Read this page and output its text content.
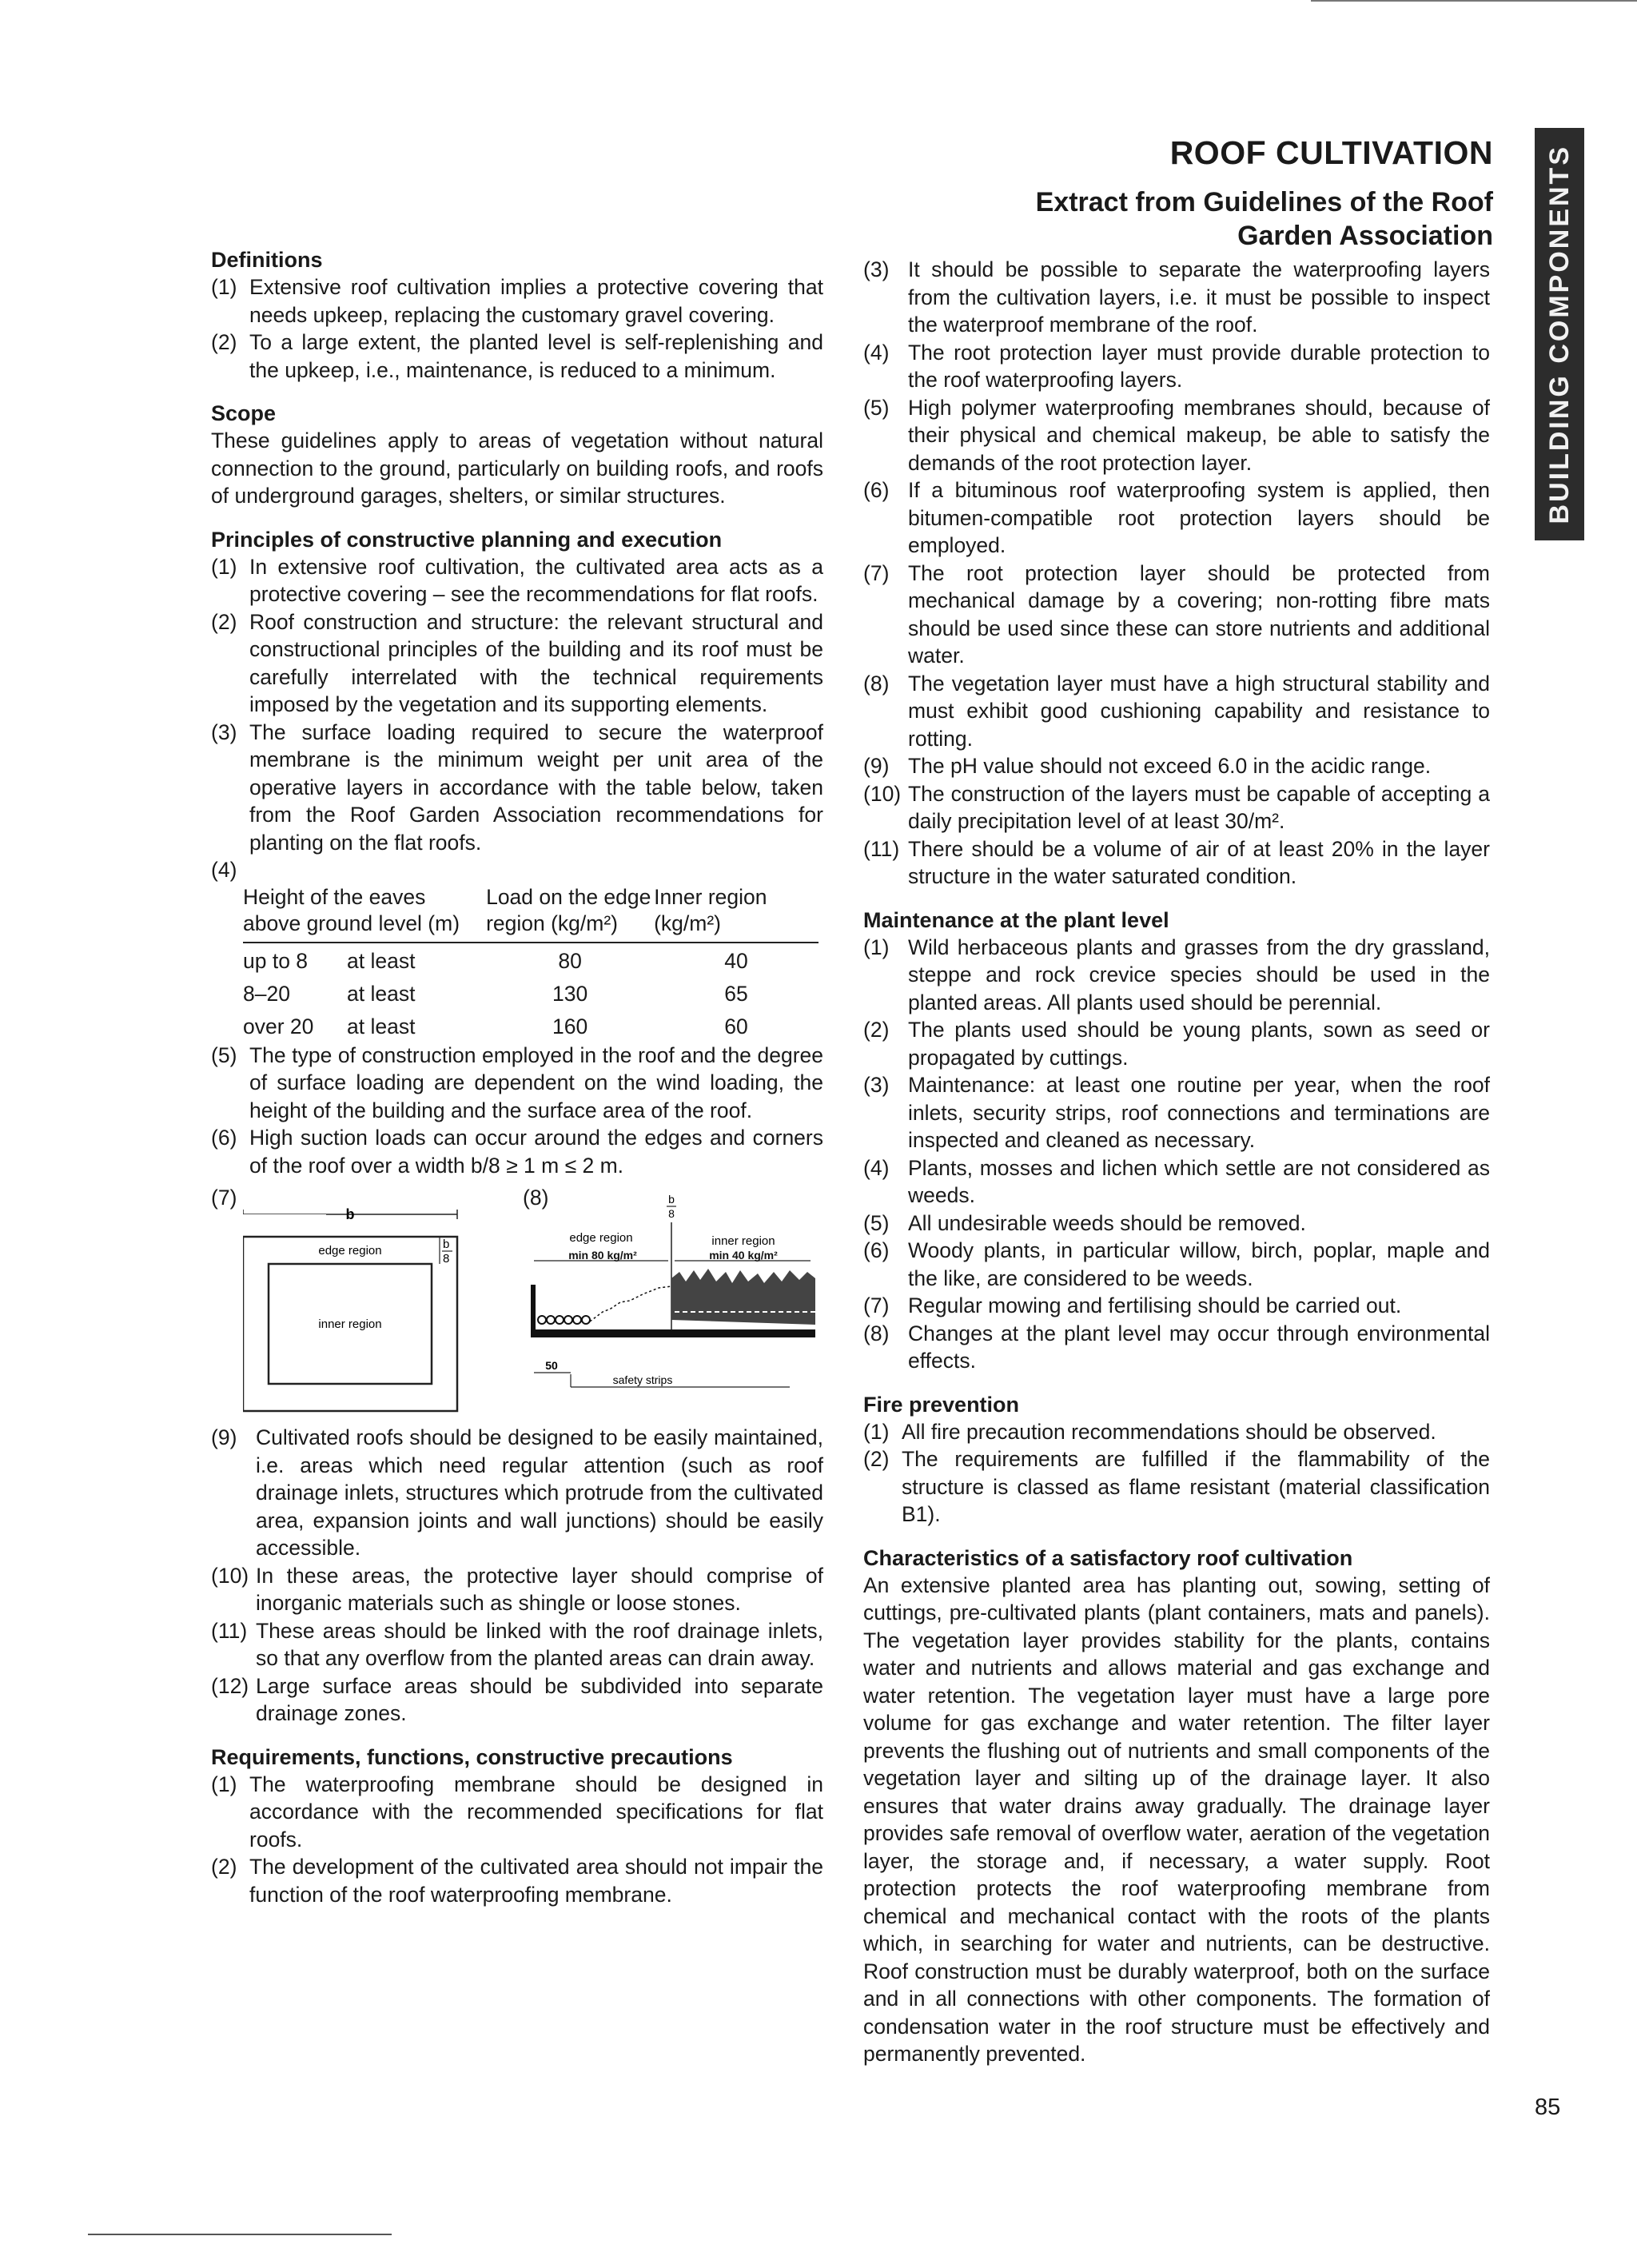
ROOF CULTIVATION
Extract from Guidelines of the Roof
Garden Association BUILDING COMPONENTS
Definitions
(1) Extensive roof cultivation implies a protective covering that needs upkeep, replacing the customary gravel covering.
(2) To a large extent, the planted level is self-replenishing and the upkeep, i.e., maintenance, is reduced to a minimum.
Scope

These guidelines apply to areas of vegetation without natural connection to the ground, particularly on building roofs, and roofs of underground garages, shelters, or similar structures.

Principles of constructive planning and execution
(1) In extensive roof cultivation, the cultivated area acts as a protective covering – see the recommendations for flat roofs.
(2) Roof construction and structure: the relevant structural and constructional principles of the building and its roof must be carefully interrelated with the technical requirements imposed by the vegetation and its supporting elements.
(3) The surface loading required to secure the waterproof membrane is the minimum weight per unit area of the operative layers in accordance with the table below, taken from the Roof Garden Association recommendations for planting on the flat roofs.
(4)
Height of the eaves above ground level (m)		Load on the edge region (kg/m²)	Inner region (kg/m²)
up to 8	at least	80	40
8–20	at least	130	65
over 20	at least	160	60
(5) The type of construction employed in the roof and the degree of surface loading are dependent on the wind loading, the height of the building and the surface area of the roof.
(6) High suction loads can occur around the edges and corners of the roof over a width b/8 ≥ 1 m ≤ 2 m.
(7)	(8)
b
edge region
inner region
b
8
b
8
edge region	inner region
min 80 kg/m²	min 40 kg/m²
50
safety strips
(9) Cultivated roofs should be designed to be easily maintained, i.e. areas which need regular attention (such as roof drainage inlets, structures which protrude from the cultivated area, expansion joints and wall junctions) should be easily accessible.
(10) In these areas, the protective layer should comprise of inorganic materials such as shingle or loose stones.
(11) These areas should be linked with the roof drainage inlets, so that any overflow from the planted areas can drain away.
(12) Large surface areas should be subdivided into separate drainage zones.
Requirements, functions, constructive precautions
(1) The waterproofing membrane should be designed in accordance with the recommended specifications for flat roofs.
(2) The development of the cultivated area should not impair the function of the roof waterproofing membrane.
(3) It should be possible to separate the waterproofing layers from the cultivation layers, i.e. it must be possible to inspect the waterproof membrane of the roof.
(4) The root protection layer must provide durable protection to the roof waterproofing layers.
(5) High polymer waterproofing membranes should, because of their physical and chemical makeup, be able to satisfy the demands of the root protection layer.
(6) If a bituminous roof waterproofing system is applied, then bitumen-compatible root protection layers should be employed.
(7) The root protection layer should be protected from mechanical damage by a covering; non-rotting fibre mats should be used since these can store nutrients and additional water.
(8) The vegetation layer must have a high structural stability and must exhibit good cushioning capability and resistance to rotting.
(9) The pH value should not exceed 6.0 in the acidic range.
(10) The construction of the layers must be capable of accepting a daily precipitation level of at least 30/m².
(11) There should be a volume of air of at least 20% in the layer structure in the water saturated condition.
Maintenance at the plant level
(1) Wild herbaceous plants and grasses from the dry grassland, steppe and rock crevice species should be used in the planted areas. All plants used should be perennial.
(2) The plants used should be young plants, sown as seed or propagated by cuttings.
(3) Maintenance: at least one routine per year, when the roof inlets, security strips, roof connections and terminations are inspected and cleaned as necessary.
(4) Plants, mosses and lichen which settle are not considered as weeds.
(5) All undesirable weeds should be removed.
(6) Woody plants, in particular willow, birch, poplar, maple and the like, are considered to be weeds.
(7) Regular mowing and fertilising should be carried out.
(8) Changes at the plant level may occur through environmental effects.
Fire prevention
(1) All fire precaution recommendations should be observed.
(2) The requirements are fulfilled if the flammability of the structure is classed as flame resistant (material classification B1).
Characteristics of a satisfactory roof cultivation

An extensive planted area has planting out, sowing, setting of cuttings, pre-cultivated plants (plant containers, mats and panels). The vegetation layer provides stability for the plants, contains water and nutrients and allows material and gas exchange and water retention. The vegetation layer must have a large pore volume for gas exchange and water retention. The filter layer prevents the flushing out of nutrients and small components of the vegetation layer and silting up of the drainage layer. It also ensures that water drains away gradually. The drainage layer provides safe removal of overflow water, aeration of the vegetation layer, the storage and, if necessary, a water supply. Root protection protects the roof waterproofing membrane from chemical and mechanical contact with the roots of the plants which, in searching for water and nutrients, can be destructive. Roof construction must be durably waterproof, both on the surface and in all connections with other components. The formation of condensation water in the roof structure must be effectively and permanently prevented.

85
